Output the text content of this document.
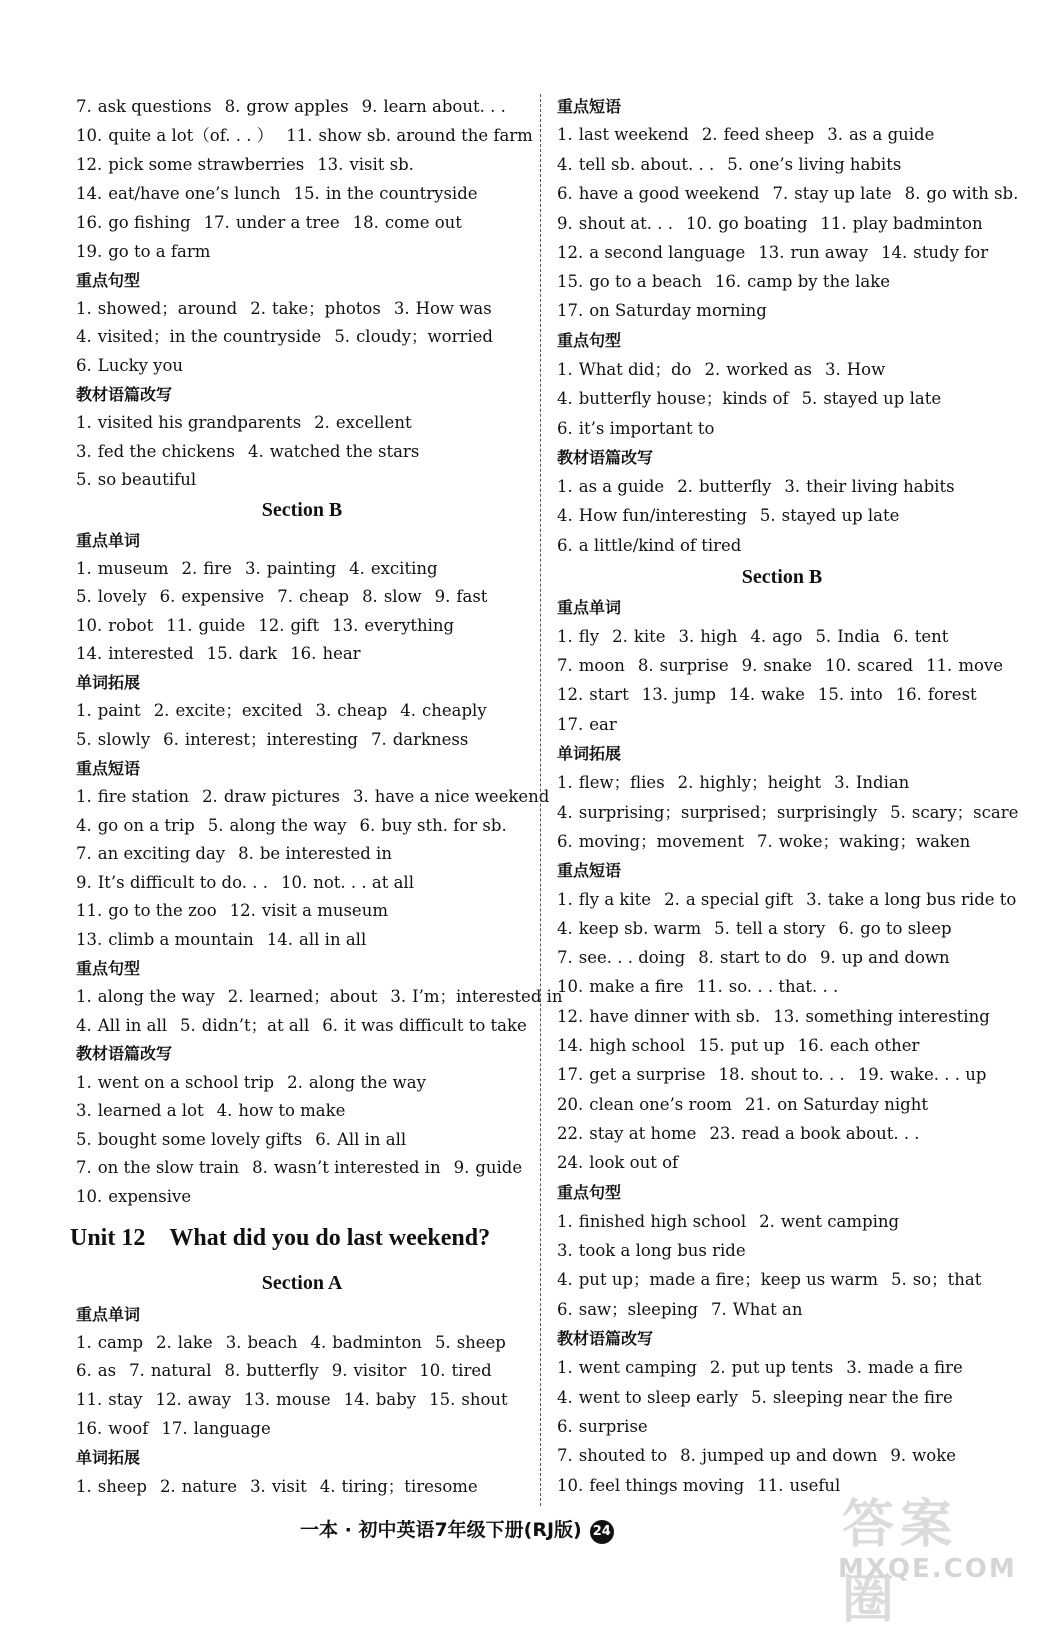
7. ask questions 8. grow apples 9. learn about. . .
10. quite a lot（of. . . ） 11. show sb. around the farm
12. pick some strawberries 13. visit sb.
14. eat/have one’s lunch 15. in the countryside
16. go fishing 17. under a tree 18. come out
19. go to a farm
重点句型
1. showed；around 2. take；photos 3. How was
4. visited；in the countryside 5. cloudy；worried
6. Lucky you
教材语篇改写
1. visited his grandparents 2. excellent
3. fed the chickens 4. watched the stars
5. so beautiful
Section B
重点单词
1. museum 2. fire 3. painting 4. exciting
5. lovely 6. expensive 7. cheap 8. slow 9. fast
10. robot 11. guide 12. gift 13. everything
14. interested 15. dark 16. hear
单词拓展
1. paint 2. excite；excited 3. cheap 4. cheaply
5. slowly 6. interest；interesting 7. darkness
重点短语
1. fire station 2. draw pictures 3. have a nice weekend
4. go on a trip 5. along the way 6. buy sth. for sb.
7. an exciting day 8. be interested in
9. It’s difficult to do. . . 10. not. . . at all
11. go to the zoo 12. visit a museum
13. climb a mountain 14. all in all
重点句型
1. along the way 2. learned；about 3. I’m；interested in
4. All in all 5. didn’t；at all 6. it was difficult to take
教材语篇改写
1. went on a school trip 2. along the way
3. learned a lot 4. how to make
5. bought some lovely gifts 6. All in all
7. on the slow train 8. wasn’t interested in 9. guide
10. expensive
Unit 12 What did you do last weekend?
Section A
重点单词
1. camp 2. lake 3. beach 4. badminton 5. sheep
6. as 7. natural 8. butterfly 9. visitor 10. tired
11. stay 12. away 13. mouse 14. baby 15. shout
16. woof 17. language
单词拓展
1. sheep 2. nature 3. visit 4. tiring；tiresome
重点短语
1. last weekend 2. feed sheep 3. as a guide
4. tell sb. about. . . 5. one’s living habits
6. have a good weekend 7. stay up late 8. go with sb.
9. shout at. . . 10. go boating 11. play badminton
12. a second language 13. run away 14. study for
15. go to a beach 16. camp by the lake
17. on Saturday morning
重点句型
1. What did；do 2. worked as 3. How
4. butterfly house；kinds of 5. stayed up late
6. it’s important to
教材语篇改写
1. as a guide 2. butterfly 3. their living habits
4. How fun/interesting 5. stayed up late
6. a little/kind of tired
Section B
重点单词
1. fly 2. kite 3. high 4. ago 5. India 6. tent
7. moon 8. surprise 9. snake 10. scared 11. move
12. start 13. jump 14. wake 15. into 16. forest
17. ear
单词拓展
1. flew；flies 2. highly；height 3. Indian
4. surprising；surprised；surprisingly 5. scary；scare
6. moving；movement 7. woke；waking；waken
重点短语
1. fly a kite 2. a special gift 3. take a long bus ride to
4. keep sb. warm 5. tell a story 6. go to sleep
7. see. . . doing 8. start to do 9. up and down
10. make a fire 11. so. . . that. . .
12. have dinner with sb. 13. something interesting
14. high school 15. put up 16. each other
17. get a surprise 18. shout to. . . 19. wake. . . up
20. clean one’s room 21. on Saturday night
22. stay at home 23. read a book about. . .
24. look out of
重点句型
1. finished high school 2. went camping
3. took a long bus ride
4. put up；made a fire；keep us warm 5. so；that
6. saw；sleeping 7. What an
教材语篇改写
1. went camping 2. put up tents 3. made a fire
4. went to sleep early 5. sleeping near the fire
6. surprise
7. shouted to 8. jumped up and down 9. woke
10. feel things moving 11. useful
一本 · 初中英语7年级下册(RJ版) 24	答案圈
MXQE.COM
